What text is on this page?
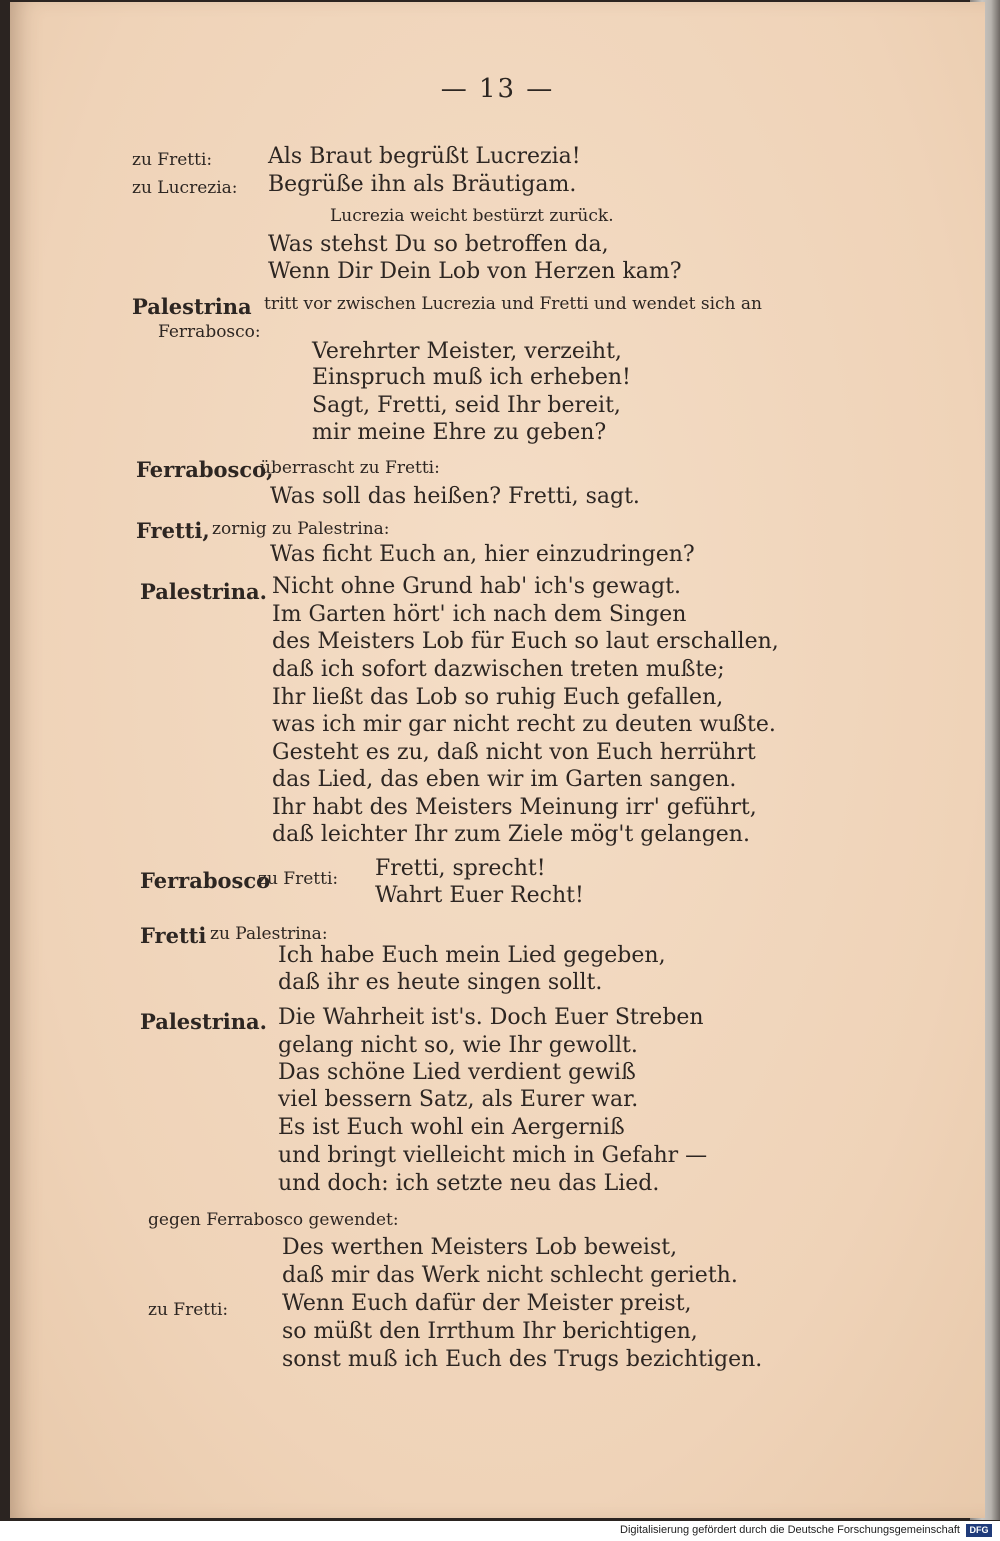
— 13 —
zu Fretti:	Als Braut begrüßt Lucrezia!
zu Lucrezia: Begrüße ihn als Bräutigam.
Lucrezia weicht bestürzt zurück.
Was stehst Du so betroffen da,
Wenn Dir Dein Lob von Herzen kam?
Palestrina tritt vor zwischen Lucrezia und Fretti und wendet sich an
Ferrabosco:
Verehrter Meister, verzeiht,
Einspruch muß ich erheben!
Sagt, Fretti, seid Ihr bereit,
mir meine Ehre zu geben?
Ferrabosco,
überrascht zu Fretti:
Was soll das heißen? Fretti, sagt.
Fretti, zornig zu Palestrina:
Was ficht Euch an, hier einzudringen?
Palestrina. Nicht ohne Grund hab' ich's gewagt.
Im Garten hört' ich nach dem Singen
des Meisters Lob für Euch so laut erschallen,
daß ich sofort dazwischen treten mußte;
Ihr ließt das Lob so ruhig Euch gefallen,
was ich mir gar nicht recht zu deuten wußte.
Gesteht es zu, daß nicht von Euch herrührt
das Lied, das eben wir im Garten sangen.
Ihr habt des Meisters Meinung irr' geführt,
daß leichter Ihr zum Ziele mög't gelangen.
Ferrabosco
zu Fretti: Fretti, sprecht!
Wahrt Euer Recht!
Fretti zu Palestrina:
Ich habe Euch mein Lied gegeben,
daß ihr es heute singen sollt.
Palestrina. Die Wahrheit ist's. Doch Euer Streben
gelang nicht so, wie Ihr gewollt.
Das schöne Lied verdient gewiß
viel bessern Satz, als Eurer war.
Es ist Euch wohl ein Aergerniß
und bringt vielleicht mich in Gefahr —
und doch: ich setzte neu das Lied.
gegen Ferrabosco gewendet:
Des werthen Meisters Lob beweist,
daß mir das Werk nicht schlecht gerieth.
zu Fretti: Wenn Euch dafür der Meister preist,
so müßt den Irrthum Ihr berichtigen,
sonst muß ich Euch des Trugs bezichtigen.
Digitalisierung gefördert durch die Deutsche Forschungsgemeinschaft	DFG
